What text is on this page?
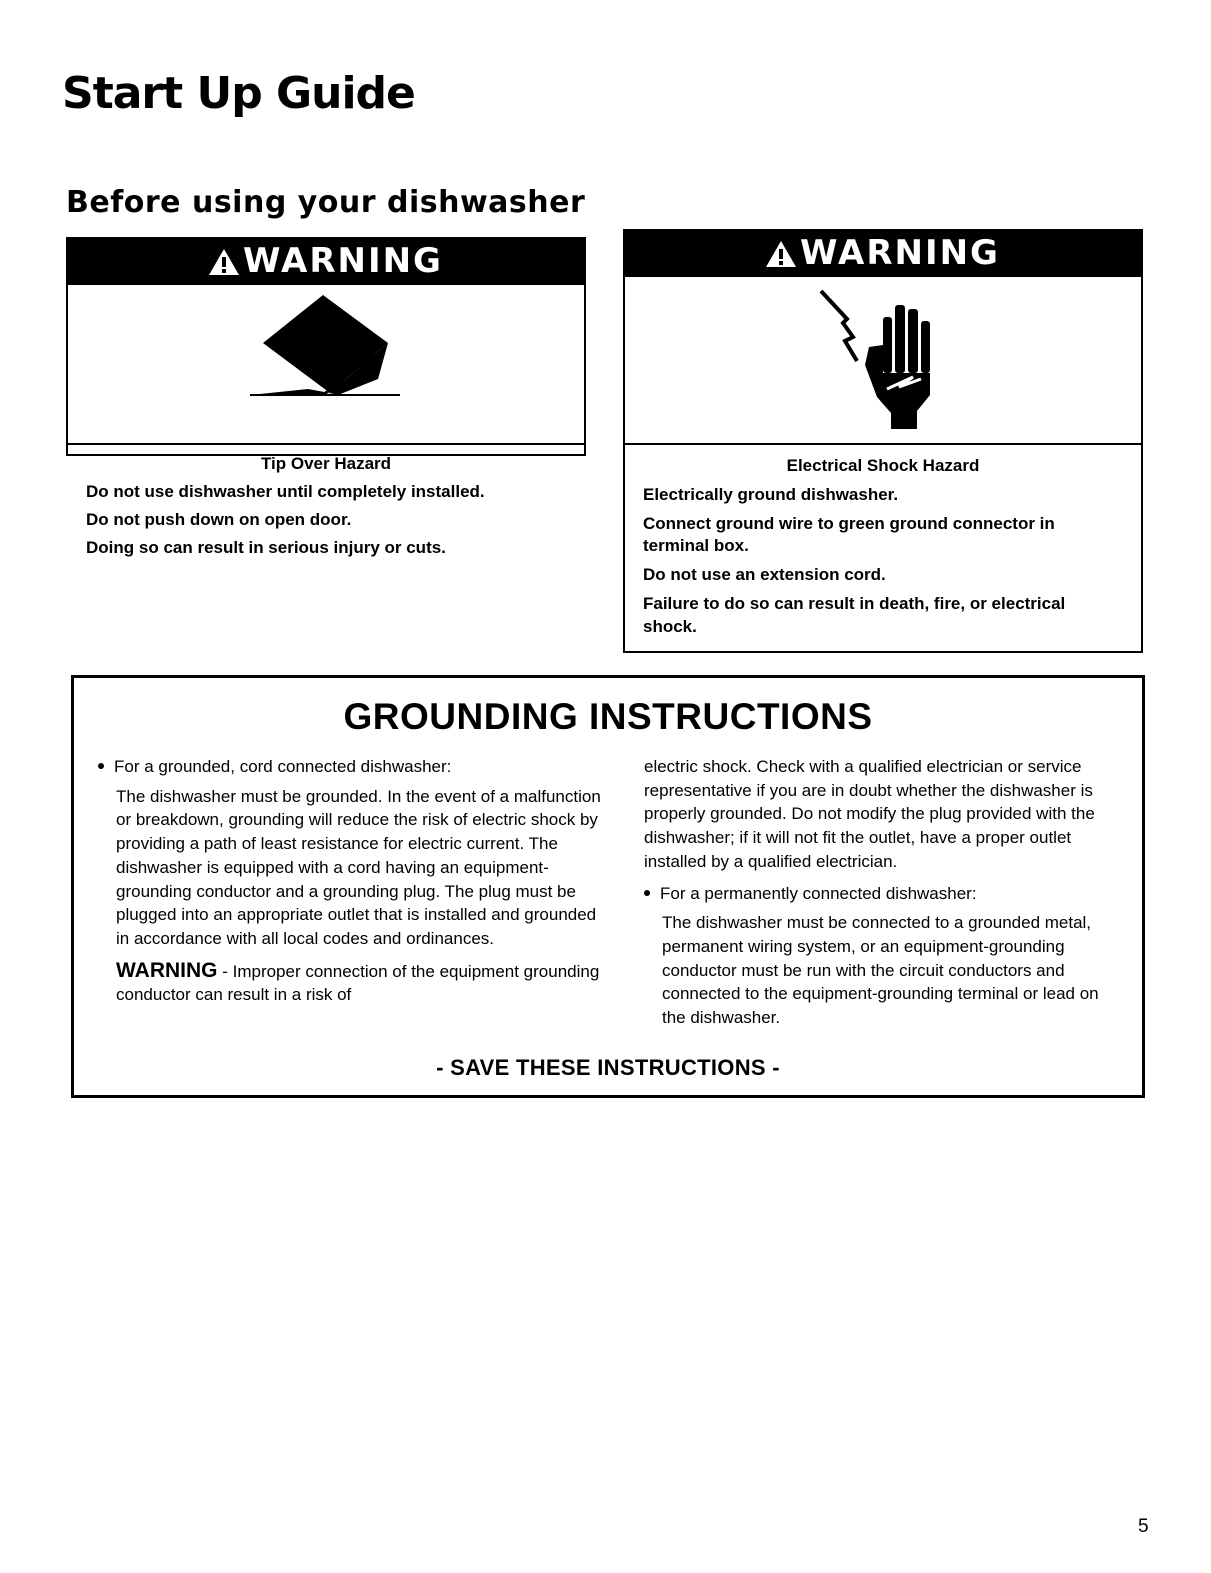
Start Up Guide
Before using your dishwasher
WARNING
Tip Over Hazard
Do not use dishwasher until completely installed.
Do not push down on open door.
Doing so can result in serious injury or cuts.
WARNING
Electrical Shock Hazard
Electrically ground dishwasher.
Connect ground wire to green ground connector in terminal box.
Do not use an extension cord.
Failure to do so can result in death, fire, or electrical shock.
GROUNDING INSTRUCTIONS
For a grounded, cord connected dishwasher:

The dishwasher must be grounded. In the event of a malfunction or breakdown, grounding will reduce the risk of electric shock by providing a path of least resistance for electric current. The dishwasher is equipped with a cord having an equipment-grounding conductor and a grounding plug. The plug must be plugged into an appropriate outlet that is installed and grounded in accordance with all local codes and ordinances.

WARNING - Improper connection of the equipment grounding conductor can result in a risk of

electric shock. Check with a qualified electrician or service representative if you are in doubt whether the dishwasher is properly grounded. Do not modify the plug provided with the dishwasher; if it will not fit the outlet, have a proper outlet installed by a qualified electrician.

For a permanently connected dishwasher:

The dishwasher must be connected to a grounded metal, permanent wiring system, or an equipment-grounding conductor must be run with the circuit conductors and connected to the equipment-grounding terminal or lead on the dishwasher.

- SAVE THESE INSTRUCTIONS -
5
